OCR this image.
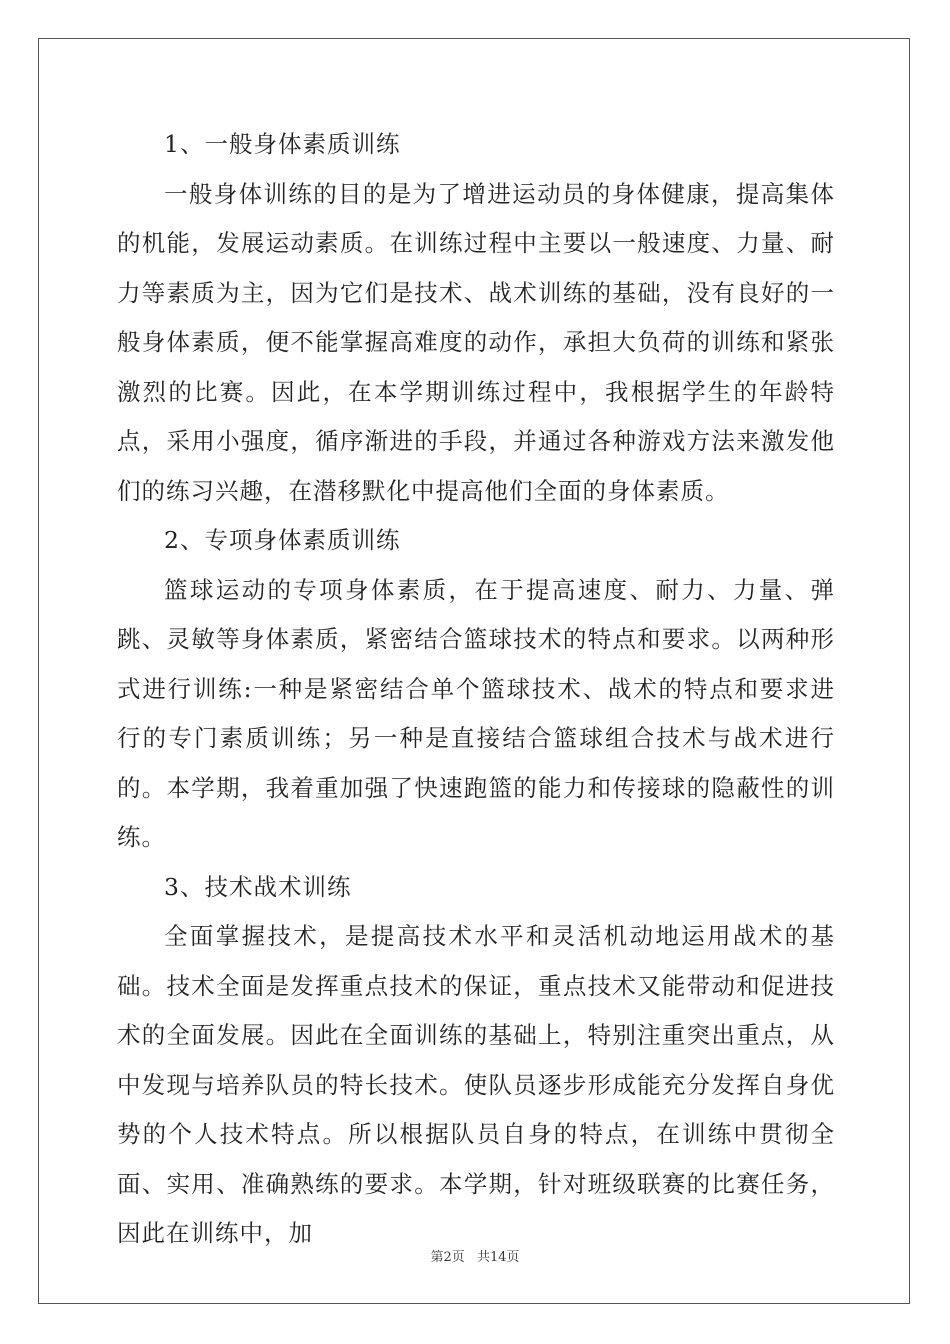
1、一般身体素质训练

一般身体训练的目的是为了增进运动员的身体健康，提高集体的机能，发展运动素质。在训练过程中主要以一般速度、力量、耐力等素质为主，因为它们是技术、战术训练的基础，没有良好的一般身体素质，便不能掌握高难度的动作，承担大负荷的训练和紧张激烈的比赛。因此，在本学期训练过程中，我根据学生的年龄特点，采用小强度，循序渐进的手段，并通过各种游戏方法来激发他们的练习兴趣，在潜移默化中提高他们全面的身体素质。

2、专项身体素质训练

篮球运动的专项身体素质，在于提高速度、耐力、力量、弹跳、灵敏等身体素质，紧密结合篮球技术的特点和要求。以两种形式进行训练:一种是紧密结合单个篮球技术、战术的特点和要求进行的专门素质训练；另一种是直接结合篮球组合技术与战术进行的。本学期，我着重加强了快速跑篮的能力和传接球的隐蔽性的训练。

3、技术战术训练

全面掌握技术，是提高技术水平和灵活机动地运用战术的基础。技术全面是发挥重点技术的保证，重点技术又能带动和促进技术的全面发展。因此在全面训练的基础上，特别注重突出重点，从中发现与培养队员的特长技术。使队员逐步形成能充分发挥自身优势的个人技术特点。所以根据队员自身的特点，在训练中贯彻全面、实用、准确熟练的要求。本学期，针对班级联赛的比赛任务，因此在训练中，加

第2页 共14页
